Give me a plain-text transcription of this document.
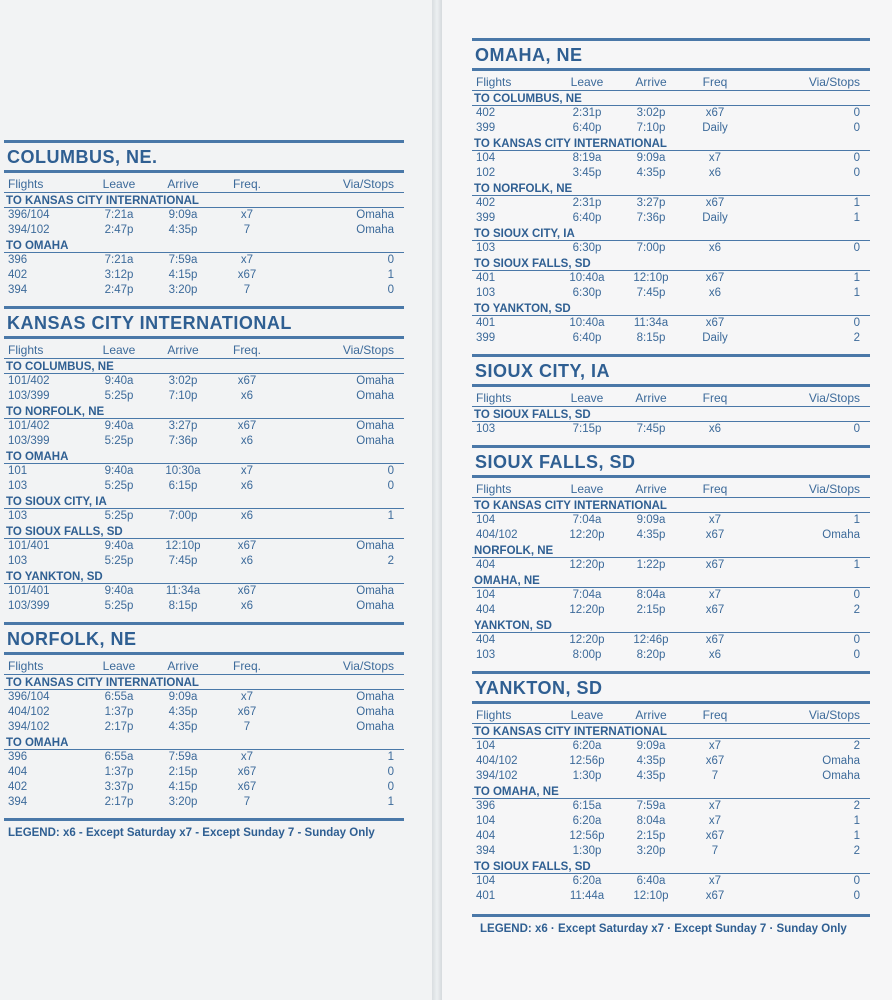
COLUMBUS, NE.
Flights	Leave	Arrive	Freq.	Via/Stops
TO KANSAS CITY INTERNATIONAL
396/104	7:21a	9:09a	x7	Omaha
394/102	2:47p	4:35p	7	Omaha
TO OMAHA
396	7:21a	7:59a	x7	0
402	3:12p	4:15p	x67	1
394	2:47p	3:20p	7	0
KANSAS CITY INTERNATIONAL
Flights	Leave	Arrive	Freq.	Via/Stops
TO COLUMBUS, NE
101/402	9:40a	3:02p	x67	Omaha
103/399	5:25p	7:10p	x6	Omaha
TO NORFOLK, NE
101/402	9:40a	3:27p	x67	Omaha
103/399	5:25p	7:36p	x6	Omaha
TO OMAHA
101	9:40a	10:30a	x7	0
103	5:25p	6:15p	x6	0
TO SIOUX CITY, IA
103	5:25p	7:00p	x6	1
TO SIOUX FALLS, SD
101/401	9:40a	12:10p	x67	Omaha
103	5:25p	7:45p	x6	2
TO YANKTON, SD
101/401	9:40a	11:34a	x67	Omaha
103/399	5:25p	8:15p	x6	Omaha
NORFOLK, NE
Flights	Leave	Arrive	Freq.	Via/Stops
TO KANSAS CITY INTERNATIONAL
396/104	6:55a	9:09a	x7	Omaha
404/102	1:37p	4:35p	x67	Omaha
394/102	2:17p	4:35p	7	Omaha
TO OMAHA
396	6:55a	7:59a	x7	1
404	1:37p	2:15p	x67	0
402	3:37p	4:15p	x67	0
394	2:17p	3:20p	7	1
LEGEND: x6 - Except Saturday x7 - Except Sunday 7 - Sunday Only
OMAHA, NE
Flights	Leave	Arrive	Freq	Via/Stops
TO COLUMBUS, NE
402	2:31p	3:02p	x67	0
399	6:40p	7:10p	Daily	0
TO KANSAS CITY INTERNATIONAL
104	8:19a	9:09a	x7	0
102	3:45p	4:35p	x6	0
TO NORFOLK, NE
402	2:31p	3:27p	x67	1
399	6:40p	7:36p	Daily	1
TO SIOUX CITY, IA
103	6:30p	7:00p	x6	0
TO SIOUX FALLS, SD
401	10:40a	12:10p	x67	1
103	6:30p	7:45p	x6	1
TO YANKTON, SD
401	10:40a	11:34a	x67	0
399	6:40p	8:15p	Daily	2
SIOUX CITY, IA
Flights	Leave	Arrive	Freq	Via/Stops
TO SIOUX FALLS, SD
103	7:15p	7:45p	x6	0
SIOUX FALLS, SD
Flights	Leave	Arrive	Freq	Via/Stops
TO KANSAS CITY INTERNATIONAL
104	7:04a	9:09a	x7	1
404/102	12:20p	4:35p	x67	Omaha
NORFOLK, NE
404	12:20p	1:22p	x67	1
OMAHA, NE
104	7:04a	8:04a	x7	0
404	12:20p	2:15p	x67	2
YANKTON, SD
404	12:20p	12:46p	x67	0
103	8:00p	8:20p	x6	0
YANKTON, SD
Flights	Leave	Arrive	Freq	Via/Stops
TO KANSAS CITY INTERNATIONAL
104	6:20a	9:09a	x7	2
404/102	12:56p	4:35p	x67	Omaha
394/102	1:30p	4:35p	7	Omaha
TO OMAHA, NE
396	6:15a	7:59a	x7	2
104	6:20a	8:04a	x7	1
404	12:56p	2:15p	x67	1
394	1:30p	3:20p	7	2
TO SIOUX FALLS, SD
104	6:20a	6:40a	x7	0
401	11:44a	12:10p	x67	0
LEGEND: x6 · Except Saturday x7 · Except Sunday 7 · Sunday Only
